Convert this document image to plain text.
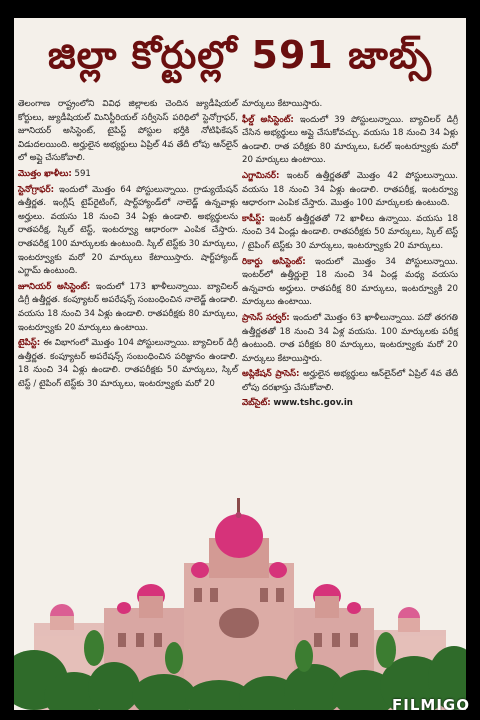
జిల్లా కోర్టుల్లో 591 జాబ్స్

తెలంగాణ రాష్ట్రంలోని వివిధ జిల్లాలకు చెందిన జ్యుడీషియల్ కోర్టులు, జ్యుడీషియల్ మినిస్టీరియల్ సర్వీసెస్ పరిధిలో స్టెనోగ్రాఫర్, జూనియర్ అసిస్టెంట్, టైపిస్ట్ పోస్టుల భర్తీకి నోటిఫికేషన్ విడుదలయింది. అర్హులైన అభ్యర్థులు ఏప్రిల్ 4వ తేదీ లోపు ఆన్‌లైన్ లో అప్లై చేసుకోవాలి.

మొత్తం ఖాళీలు: 591

స్టెనోగ్రాఫర్: ఇందులో మొత్తం 64 పోస్టులున్నాయి. గ్రాడ్యుయేషన్ ఉత్తీర్ణత. ఇంగ్లీష్ టైప్‌రైటింగ్, షార్ట్‌హ్యాండ్‌లో నాలెడ్జ్ ఉన్నవాళ్లు అర్హులు. వయసు 18 నుంచి 34 ఏళ్లు ఉండాలి. అభ్యర్థులను రాతపరీక్ష, స్కిల్ టెస్ట్, ఇంటర్వ్యూ ఆధారంగా ఎంపిక చేస్తారు. రాతపరీక్ష 100 మార్కులకు ఉంటుంది. స్కిల్ టెస్ట్‌కు 30 మార్కులు, ఇంటర్వ్యూకు మరో 20 మార్కులు కేటాయిస్తారు. షార్ట్‌హ్యాండ్ ఎగ్జామ్ ఉంటుంది.

జూనియర్ అసిస్టెంట్: ఇందులో 173 ఖాళీలున్నాయి. బ్యాచిలర్ డిగ్రీ ఉత్తీర్ణత. కంప్యూటర్ అపరేషన్స్ సంబంధించిన నాలెడ్జ్ ఉండాలి. వయసు 18 నుంచి 34 ఏళ్లు ఉండాలి. రాతపరీక్షకు 80 మార్కులు, ఇంటర్వ్యూకు 20 మార్కులు ఉంటాయి.

టైపిస్ట్: ఈ విభాగంలో మొత్తం 104 పోస్టులున్నాయి. బ్యాచిలర్ డిగ్రీ ఉత్తీర్ణత. కంప్యూటర్ అపరేషన్స్ సంబంధించిన పరిజ్ఞానం ఉండాలి. 18 నుంచి 34 ఏళ్లు ఉండాలి. రాతపరీక్షకు 50 మార్కులు, స్కిల్ టెస్ట్ / టైపింగ్ టెస్ట్‌కు 30 మార్కులు, ఇంటర్వ్యూకు మరో 20

మార్కులు కేటాయిస్తారు.

ఫీల్డ్ అసిస్టెంట్: ఇందులో 39 పోస్టులున్నాయి. బ్యాచిలర్ డిగ్రీ చేసిన అభ్యర్థులు అప్లై చేసుకోవచ్చు. వయసు 18 నుంచి 34 ఏళ్లు ఉండాలి. రాత పరీక్షకు 80 మార్కులు, ఓరల్ ఇంటర్వ్యూకు మరో 20 మార్కులు ఉంటాయి.

ఎగ్జామినర్: ఇంటర్ ఉత్తీర్ణతతో మొత్తం 42 పోస్టులున్నాయి. వయసు 18 నుంచి 34 ఏళ్లు ఉండాలి. రాతపరీక్ష, ఇంటర్వ్యూ ఆధారంగా ఎంపిక చేస్తారు. మొత్తం 100 మార్కులకు ఉంటుంది.

కాపీస్ట్: ఇంటర్ ఉత్తీర్ణతతో 72 ఖాళీలు ఉన్నాయి. వయసు 18 నుంచి 34 ఏండ్లు ఉండాలి. రాతపరీక్షకు 50 మార్కులు, స్కిల్ టెస్ట్ / టైపింగ్ టెస్ట్‌కు 30 మార్కులు, ఇంటర్వ్యూకు 20 మార్కులు.

రికార్డు అసిస్టెంట్: ఇందులో మొత్తం 34 పోస్టులున్నాయి. ఇంటర్‌లో ఉత్తీర్ణులై 18 నుంచి 34 ఏండ్ల మధ్య వయసు ఉన్నవారు అర్హులు. రాతపరీక్ష 80 మార్కులు, ఇంటర్వ్యూకి 20 మార్కులు ఉంటాయి.

ప్రాసెస్ సర్వర్: ఇందులో మొత్తం 63 ఖాళీలున్నాయి. పదో తరగతి ఉత్తీర్ణతతో 18 నుంచి 34 ఏళ్ల వయసు. 100 మార్కులకు పరీక్ష ఉంటుంది. రాత పరీక్షకు 80 మార్కులు, ఇంటర్వ్యూకు మరో 20 మార్కులు కేటాయిస్తారు.

అప్లికేషన్ ప్రాసెస్: అర్హులైన అభ్యర్థులు ఆన్‌లైన్‌లో ఏప్రిల్ 4వ తేదీ లోపు దరఖాస్తు చేసుకోవాలి.

వెబ్‌సైట్: www.tshc.gov.in

FILMIGO
